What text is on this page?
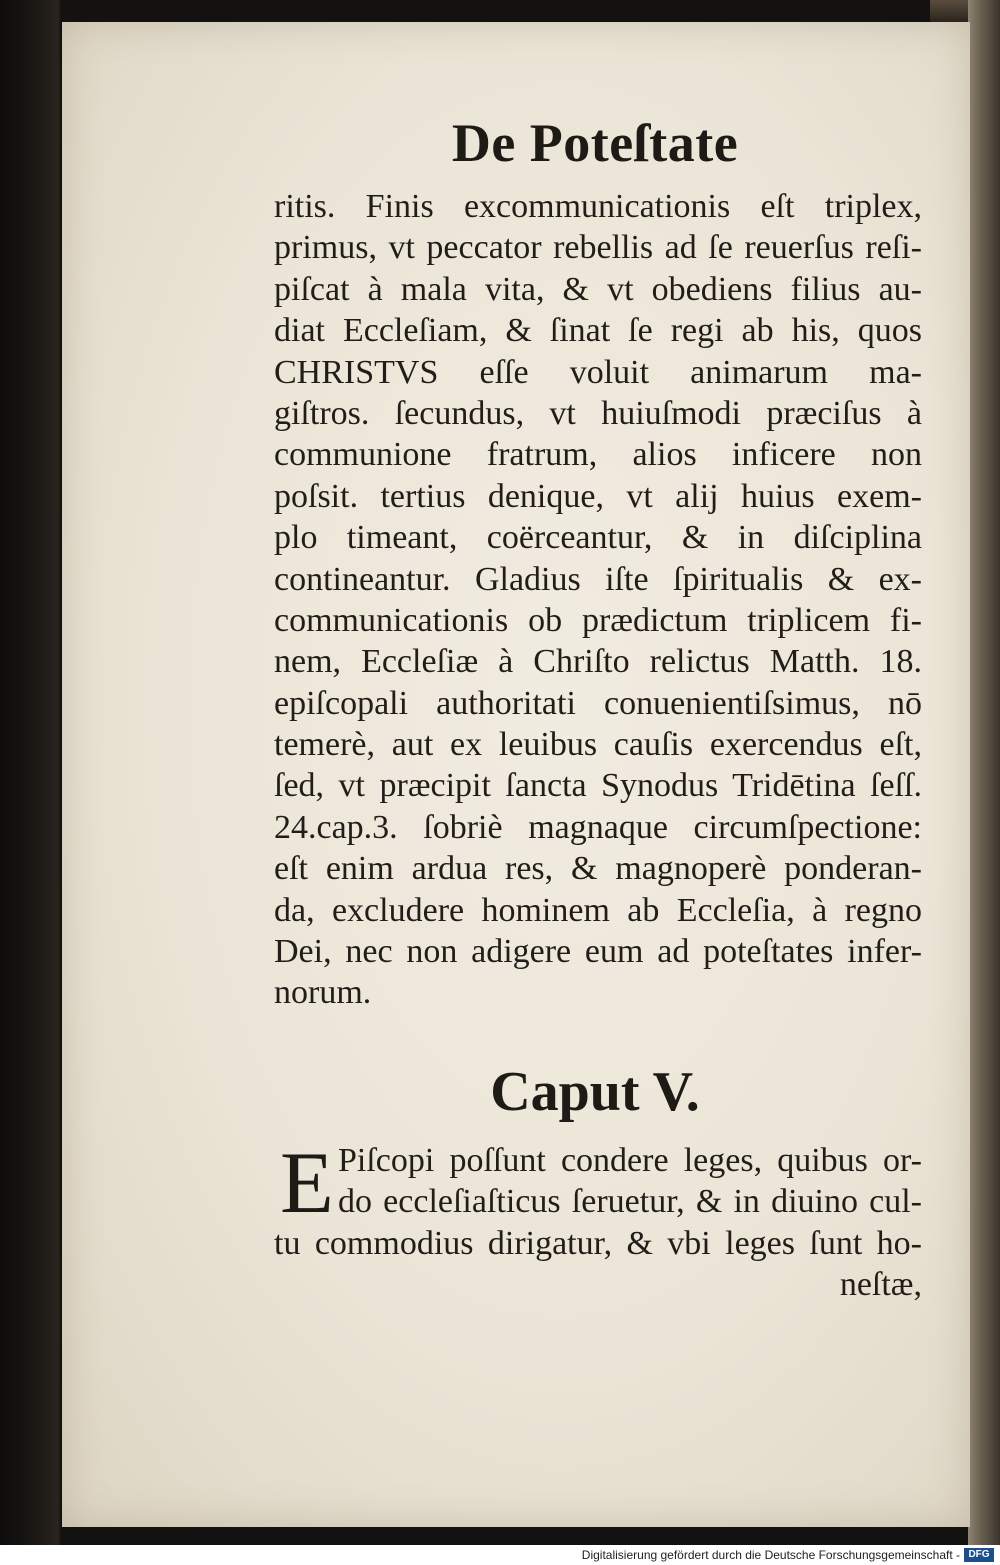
De Poteſtate
ritis. Finis excommunicationis eſt triplex,
primus, vt peccator rebellis ad ſe reuerſus reſi-
piſcat à mala vita, & vt obediens filius au-
diat Eccleſiam, & ſinat ſe regi ab his, quos
CHRISTVS eſſe voluit animarum ma-
giſtros. ſecundus, vt huiuſmodi præciſus à
communione fratrum, alios inficere non
poſsit. tertius denique, vt alij huius exem-
plo timeant, coërceantur, & in diſciplina
contineantur. Gladius iſte ſpiritualis & ex-
communicationis ob prædictum triplicem fi-
nem, Eccleſiæ à Chriſto relictus Matth. 18.
epiſcopali authoritati conuenientiſsimus, nō
temerè, aut ex leuibus cauſis exercendus eſt,
ſed, vt præcipit ſancta Synodus Tridētina ſeſſ.
24.cap.3. ſobriè magnaque circumſpectione:
eſt enim ardua res, & magnoperè ponderan-
da, excludere hominem ab Eccleſia, à regno
Dei, nec non adigere eum ad poteſtates infer-
norum.
Caput V.
E Piſcopi poſſunt condere leges, quibus or-
do eccleſiaſticus ſeruetur, & in diuino cul-
tu commodius dirigatur, & vbi leges ſunt ho-
neſtæ,
Digitalisierung gefördert durch die Deutsche Forschungsgemeinschaft - DFG
